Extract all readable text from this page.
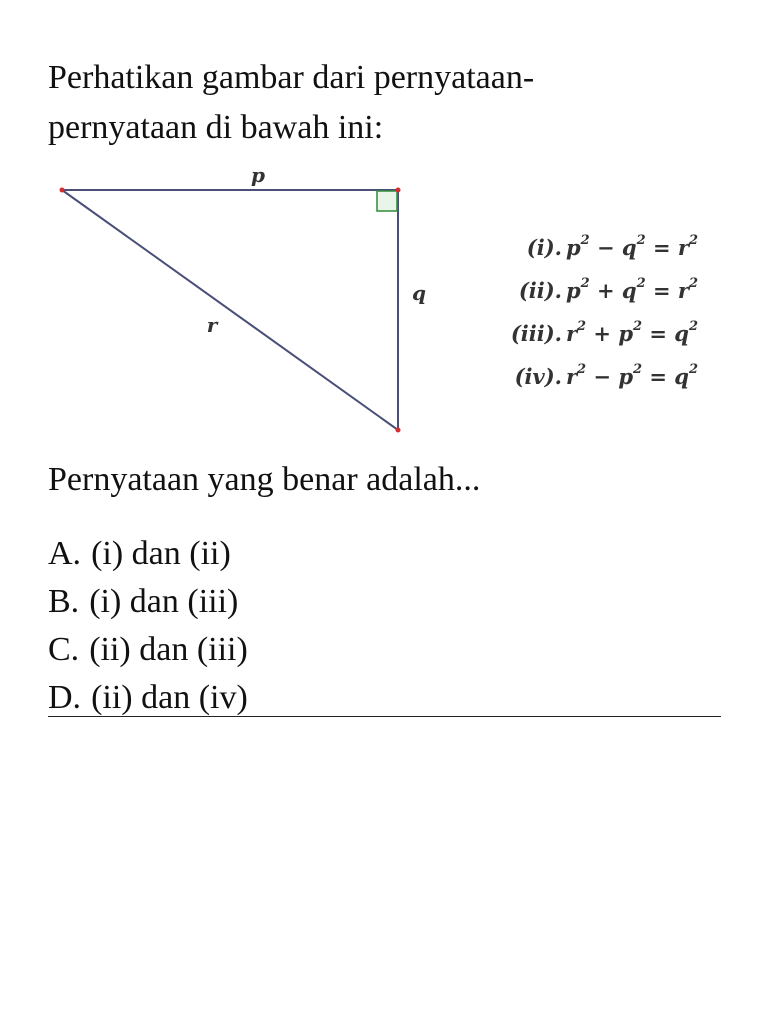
Perhatikan gambar dari pernyataan-
pernyataan di bawah ini:
p
q
r
(i). $p^2 - q^2 = r^2$
(ii). $p^2 + q^2 = r^2$
(iii). $r^2 + p^2 = q^2$
(iv). $r^2 - p^2 = q^2$
Pernyataan yang benar adalah...
A. (i) dan (ii)
B. (i) dan (iii)
C. (ii) dan (iii)
D. (ii) dan (iv)
